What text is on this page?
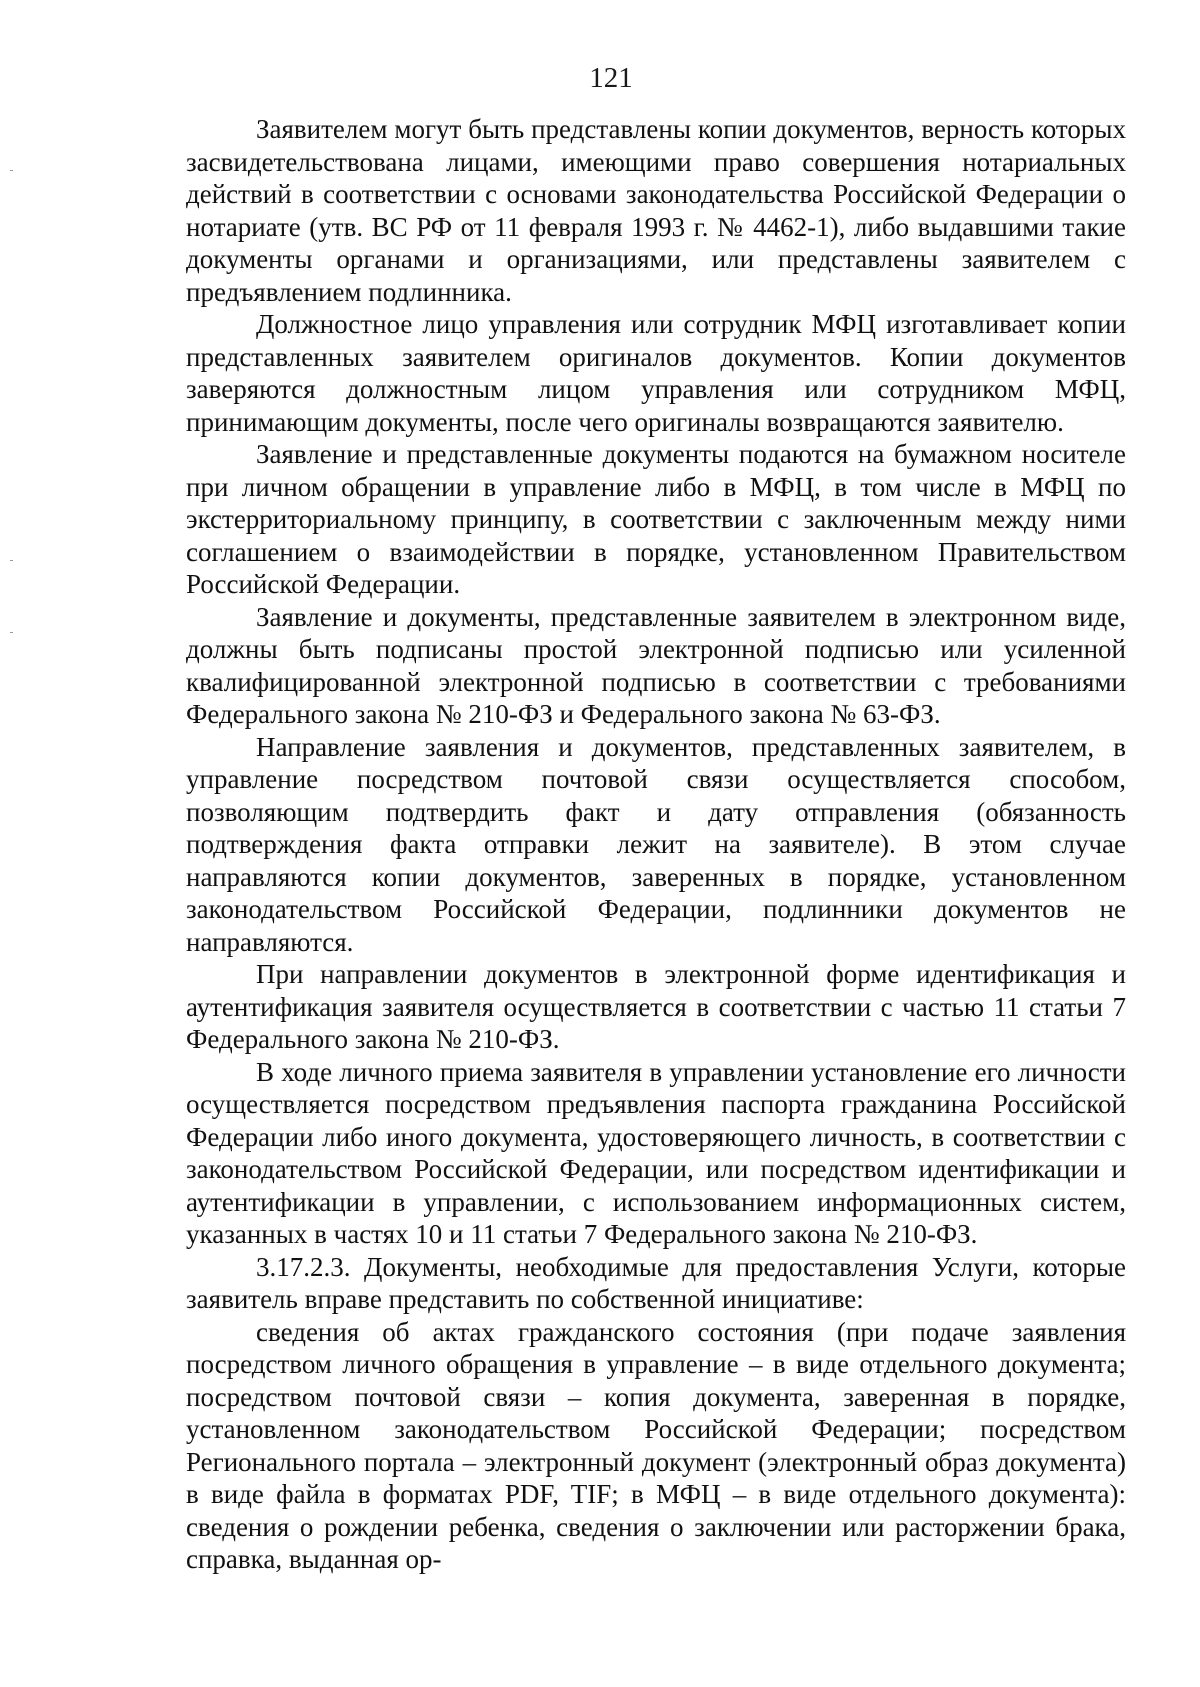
121

Заявителем могут быть представлены копии документов, верность которых засвидетельствована лицами, имеющими право совершения нотариальных действий в соответствии с основами законодательства Российской Федерации о нотариате (утв. ВС РФ от 11 февраля 1993 г. № 4462-1), либо выдавшими такие документы органами и организациями, или представлены заявителем с предъявлением подлинника.

Должностное лицо управления или сотрудник МФЦ изготавливает копии представленных заявителем оригиналов документов. Копии документов заверяются должностным лицом управления или сотрудником МФЦ, принимающим документы, после чего оригиналы возвращаются заявителю.

Заявление и представленные документы подаются на бумажном носителе при личном обращении в управление либо в МФЦ, в том числе в МФЦ по экстерриториальному принципу, в соответствии с заключенным между ними соглашением о взаимодействии в порядке, установленном Правительством Российской Федерации.

Заявление и документы, представленные заявителем в электронном виде, должны быть подписаны простой электронной подписью или усиленной квалифицированной электронной подписью в соответствии с требованиями Федерального закона № 210-ФЗ и Федерального закона № 63-ФЗ.

Направление заявления и документов, представленных заявителем, в управление посредством почтовой связи осуществляется способом, позволяющим подтвердить факт и дату отправления (обязанность подтверждения факта отправки лежит на заявителе). В этом случае направляются копии документов, заверенных в порядке, установленном законодательством Российской Федерации, подлинники документов не направляются.

При направлении документов в электронной форме идентификация и аутентификация заявителя осуществляется в соответствии с частью 11 статьи 7 Федерального закона № 210-ФЗ.

В ходе личного приема заявителя в управлении установление его личности осуществляется посредством предъявления паспорта гражданина Российской Федерации либо иного документа, удостоверяющего личность, в соответствии с законодательством Российской Федерации, или посредством идентификации и аутентификации в управлении, с использованием информационных систем, указанных в частях 10 и 11 статьи 7 Федерального закона № 210-ФЗ.

3.17.2.3. Документы, необходимые для предоставления Услуги, которые заявитель вправе представить по собственной инициативе:

сведения об актах гражданского состояния (при подаче заявления посредством личного обращения в управление – в виде отдельного документа; посредством почтовой связи – копия документа, заверенная в порядке, установленном законодательством Российской Федерации; посредством Регионального портала – электронный документ (электронный образ документа) в виде файла в форматах PDF, TIF; в МФЦ – в виде отдельного документа): сведения о рождении ребенка, сведения о заключении или расторжении брака, справка, выданная ор-
